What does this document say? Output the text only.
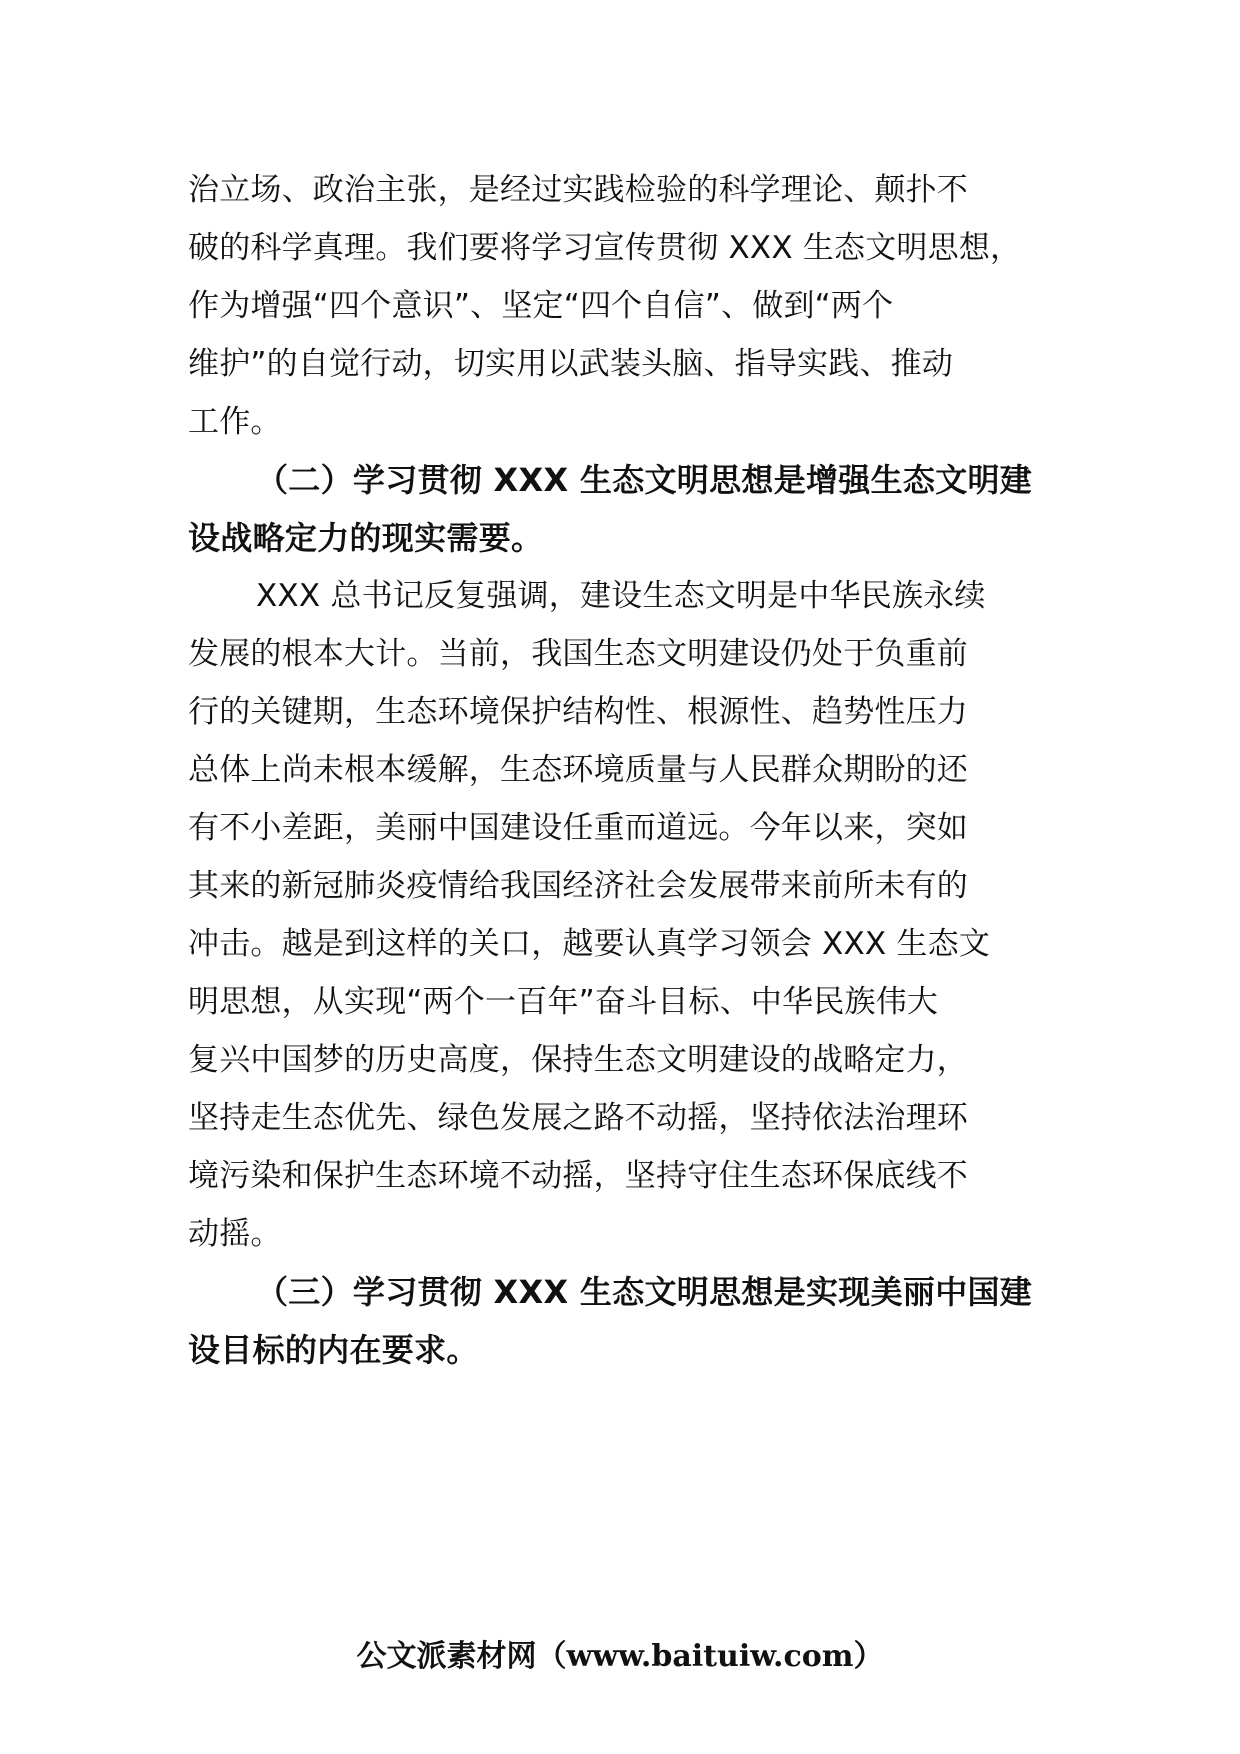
治立场、政治主张，是经过实践检验的科学理论、颠扑不
破的科学真理。我们要将学习宣传贯彻 XXX 生态文明思想，
作为增强“四个意识”、坚定“四个自信”、做到“两个
维护”的自觉行动，切实用以武装头脑、指导实践、推动
工作。
（二）学习贯彻 XXX 生态文明思想是增强生态文明建
设战略定力的现实需要。
XXX 总书记反复强调，建设生态文明是中华民族永续
发展的根本大计。当前，我国生态文明建设仍处于负重前
行的关键期，生态环境保护结构性、根源性、趋势性压力
总体上尚未根本缓解，生态环境质量与人民群众期盼的还
有不小差距，美丽中国建设任重而道远。今年以来，突如
其来的新冠肺炎疫情给我国经济社会发展带来前所未有的
冲击。越是到这样的关口，越要认真学习领会 XXX 生态文
明思想，从实现“两个一百年”奋斗目标、中华民族伟大
复兴中国梦的历史高度，保持生态文明建设的战略定力，
坚持走生态优先、绿色发展之路不动摇，坚持依法治理环
境污染和保护生态环境不动摇，坚持守住生态环保底线不
动摇。
（三）学习贯彻 XXX 生态文明思想是实现美丽中国建
设目标的内在要求。
公文派素材网（www.baituiw.com）
